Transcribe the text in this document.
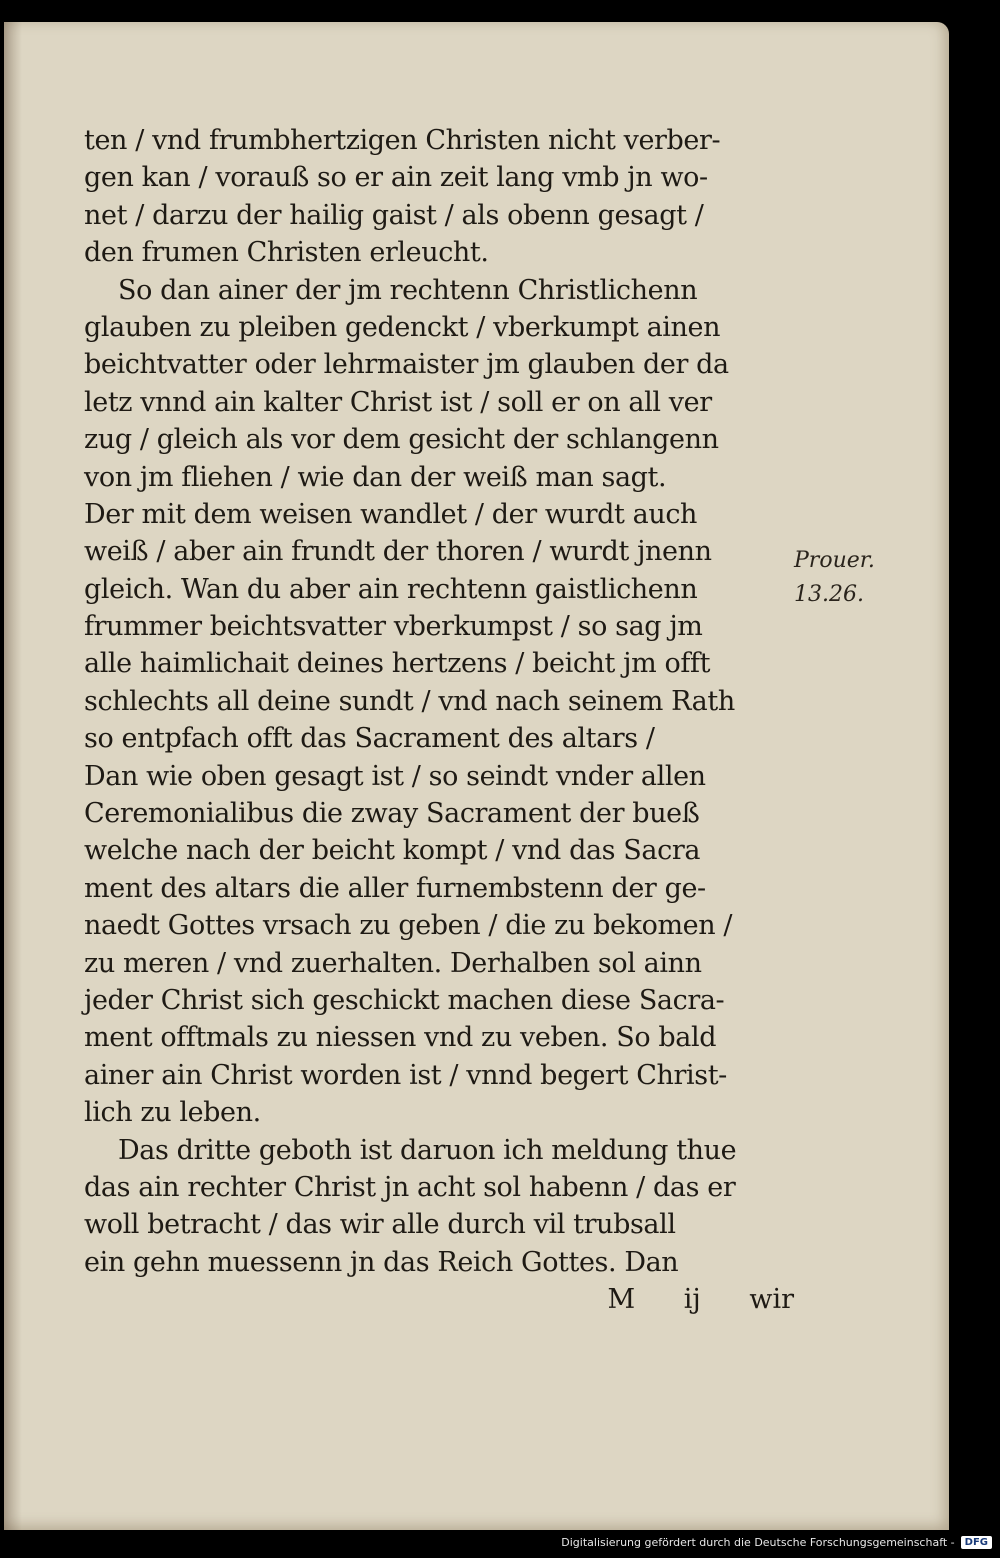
ten / vnd frumbhertzigen Christen nicht verber-
gen kan / vorauß so er ain zeit lang vmb jn wo-
net / darzu der hailig gaist / als obenn gesagt /
den frumen Christen erleucht.
So dan ainer der jm rechtenn Christlichenn
glauben zu pleiben gedenckt / vberkumpt ainen
beichtvatter oder lehrmaister jm glauben der da
letz vnnd ain kalter Christ ist / soll er on all ver
zug / gleich als vor dem gesicht der schlangenn
von jm fliehen / wie dan der weiß man sagt.
Der mit dem weisen wandlet / der wurdt auch
weiß / aber ain frundt der thoren / wurdt jnenn
gleich. Wan du aber ain rechtenn gaistlichenn
frummer beichtsvatter vberkumpst / so sag jm
alle haimlichait deines hertzens / beicht jm offt
schlechts all deine sundt / vnd nach seinem Rath
so entpfach offt das Sacrament des altars /
Dan wie oben gesagt ist / so seindt vnder allen
Ceremonialibus die zway Sacrament der bueß
welche nach der beicht kompt / vnd das Sacra
ment des altars die aller furnembstenn der ge-
naedt Gottes vrsach zu geben / die zu bekomen /
zu meren / vnd zuerhalten. Derhalben sol ainn
jeder Christ sich geschickt machen diese Sacra-
ment offtmals zu niessen vnd zu veben. So bald
ainer ain Christ worden ist / vnnd begert Christ-
lich zu leben.
Das dritte geboth ist daruon ich meldung thue
das ain rechter Christ jn acht sol habenn / das er
woll betracht / das wir alle durch vil trubsall
ein gehn muessenn jn das Reich Gottes. Dan
M ij wir
Prouer.
13.26.
Digitalisierung gefördert durch die Deutsche Forschungsgemeinschaft -	DFG
